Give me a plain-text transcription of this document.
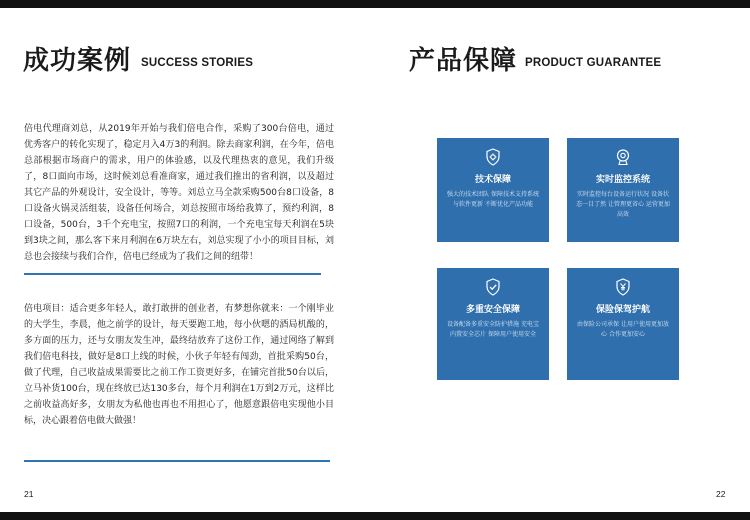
成功案例 SUCCESS STORIES

倍电代理商刘总，从2019年开始与我们倍电合作，采购了300台倍电，通过优秀客户的转化实现了，稳定月入4万3的利润。除去商家利润，在今年，倍电总部根据市场商户的需求，用户的体验感，以及代理热衷的意见，我们升级了，8口面向市场，这时候刘总看准商家，通过我们推出的省利润，以及超过其它产品的外观设计，安全设计，等等。刘总立马全款采购500台8口设备，8口设备火锅灵活组装，设备任何场合，刘总按照市场给我算了，预约利润，8口设备，500台，3千个充电宝，按照7口的利润，一个充电宝每天利润在5块到3块之间，那么客下来月利润在6万块左右，刘总实现了小小的项目目标，刘总也会接续与我们合作，倍电已经成为了我们之间的纽带！

倍电项目：适合更多年轻人，敢打敢拼的创业者，有梦想你就来：一个刚毕业的大学生，李晨，他之前学的设计，每天要跑工地，每小伙嗯的酒局机酸的，多方面的压力，还与女朋友发生冲，最终结放弃了这份工作，通过网络了解到我们倍电科技，做好是8口上线的时候，小伙子年轻有闯劲，首批采购50台，做了代理，自己收益成果需要比之前工作工资更好多，在铺完首批50台以后，立马补货100台，现在终放已达130多台，每个月利润在1万到2万元，这样比之前收益高好多，女朋友为私他也再也不用担心了，他愿意跟倍电实现他小目标，决心跟着倍电做大做强！

21
产品保障 PRODUCT GUARANTEE
技术保障
强大的技术团队 保障技术支持系统与软件更新 不断优化产品功能
实时监控系统
实时监控每台设备运行状况 设备状态一目了然 让管理更省心 运营更加高效
多重安全保障
设备配备多重安全防护措施 充电宝内置安全芯片 保障用户使用安全
保险保驾护航
由保险公司承保 让用户使用更加放心 合作更加安心
22
